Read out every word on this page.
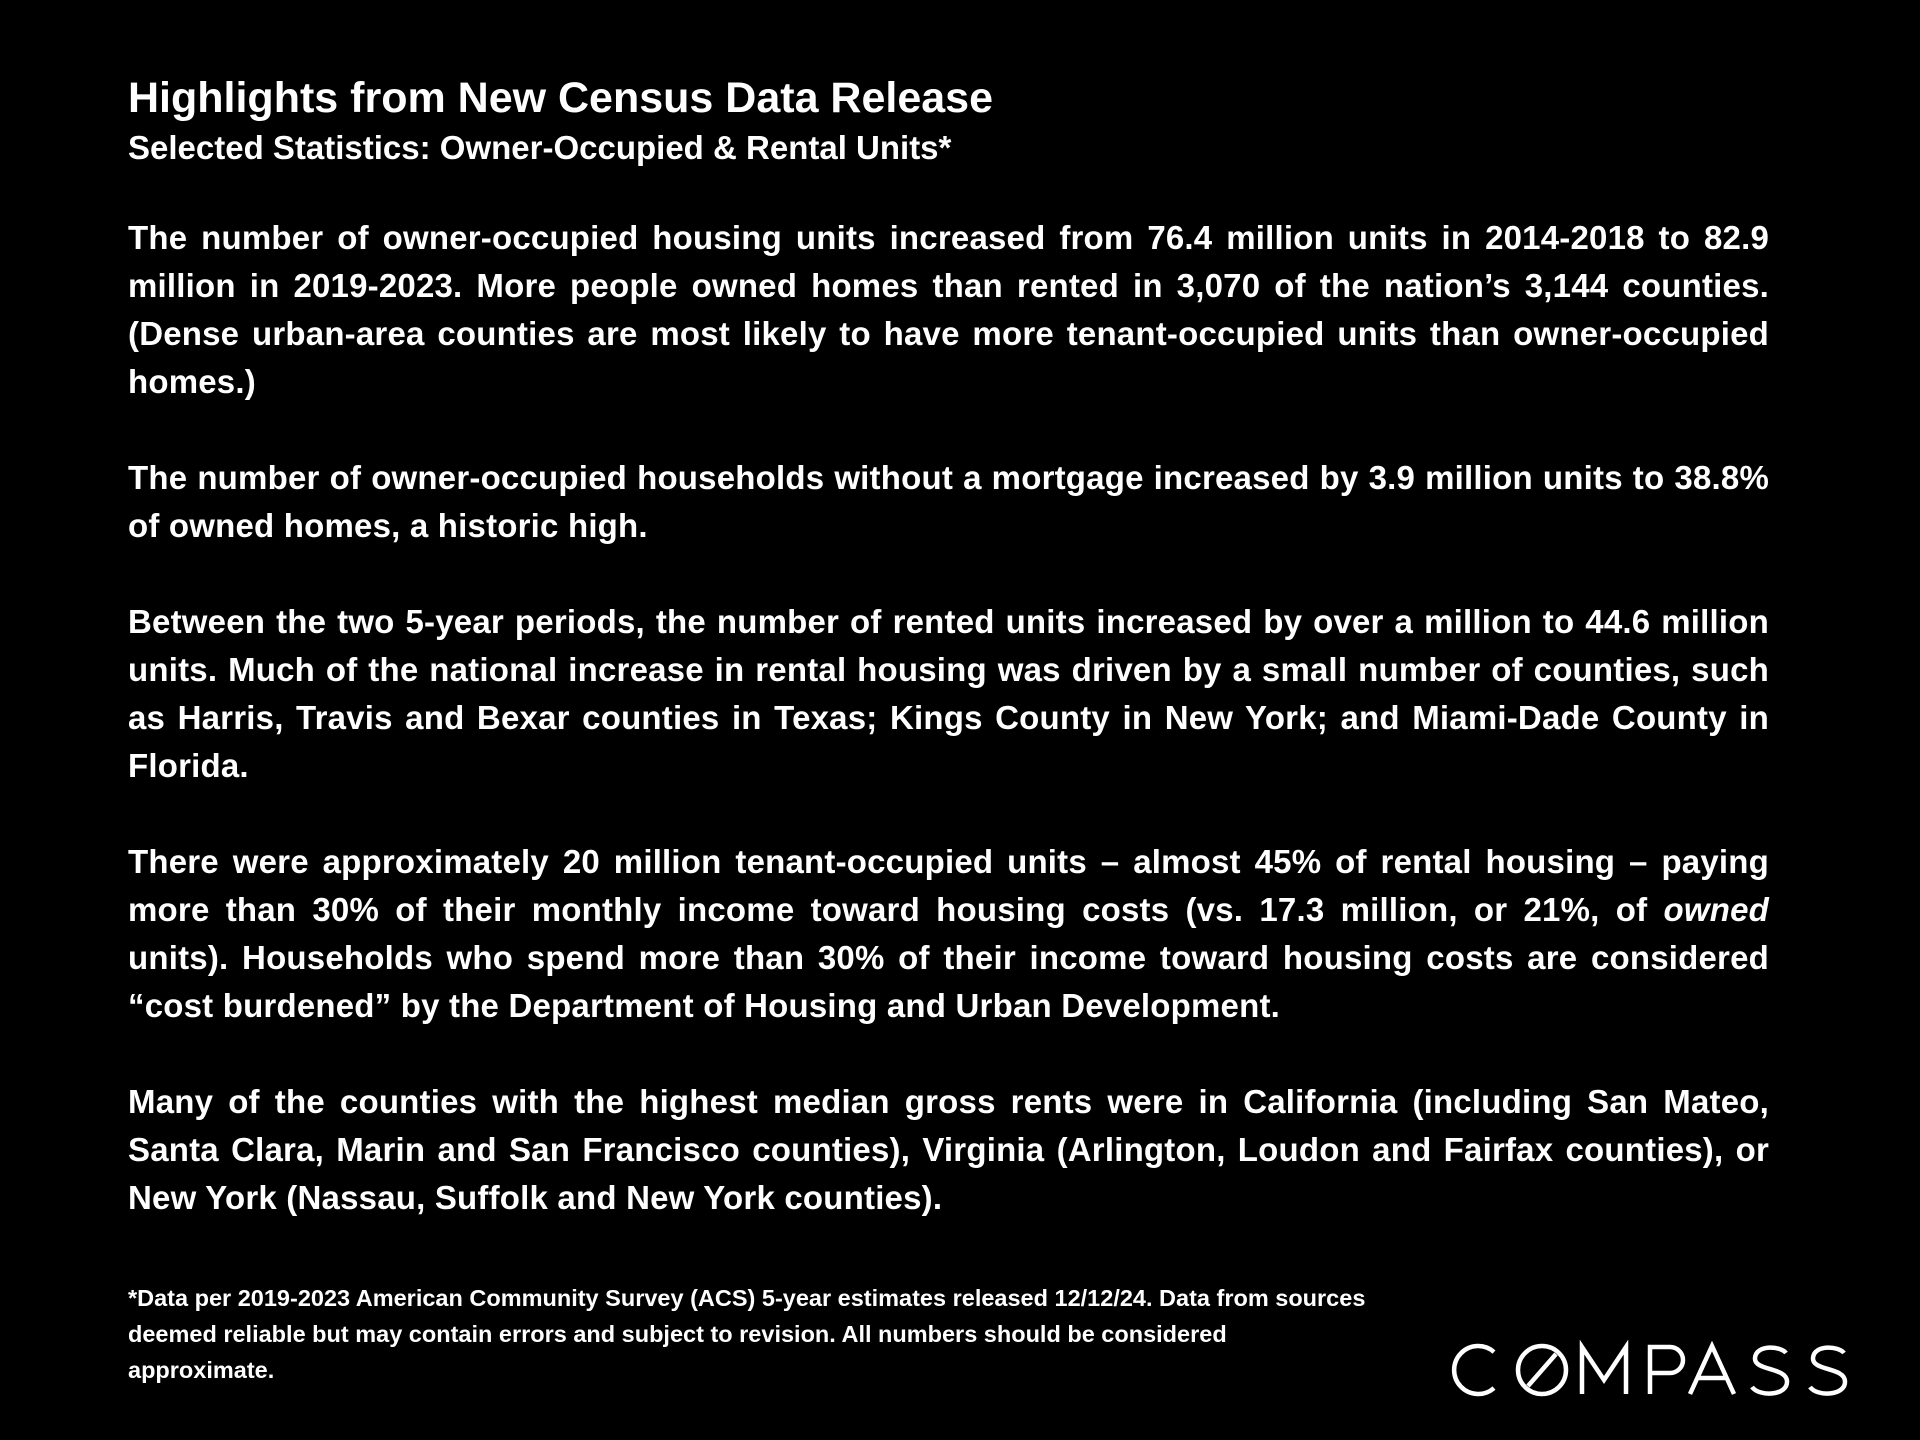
Highlights from New Census Data Release
Selected Statistics: Owner-Occupied & Rental Units*

The number of owner-occupied housing units increased from 76.4 million units in 2014-2018 to 82.9 million in 2019-2023. More people owned homes than rented in 3,070 of the nation’s 3,144 counties. (Dense urban-area counties are most likely to have more tenant-occupied units than owner-occupied homes.)

The number of owner-occupied households without a mortgage increased by 3.9 million units to 38.8% of owned homes, a historic high.

Between the two 5-year periods, the number of rented units increased by over a million to 44.6 million units. Much of the national increase in rental housing was driven by a small number of counties, such as Harris, Travis and Bexar counties in Texas; Kings County in New York; and Miami-Dade County in Florida.

There were approximately 20 million tenant-occupied units – almost 45% of rental housing – paying more than 30% of their monthly income toward housing costs (vs. 17.3 million, or 21%, of owned units). Households who spend more than 30% of their income toward housing costs are considered “cost burdened” by the Department of Housing and Urban Development.

Many of the counties with the highest median gross rents were in California (including San Mateo, Santa Clara, Marin and San Francisco counties), Virginia (Arlington, Loudon and Fairfax counties), or New York (Nassau, Suffolk and New York counties).

*Data per 2019-2023 American Community Survey (ACS) 5-year estimates released 12/12/24. Data from sources deemed reliable but may contain errors and subject to revision. All numbers should be considered approximate.
